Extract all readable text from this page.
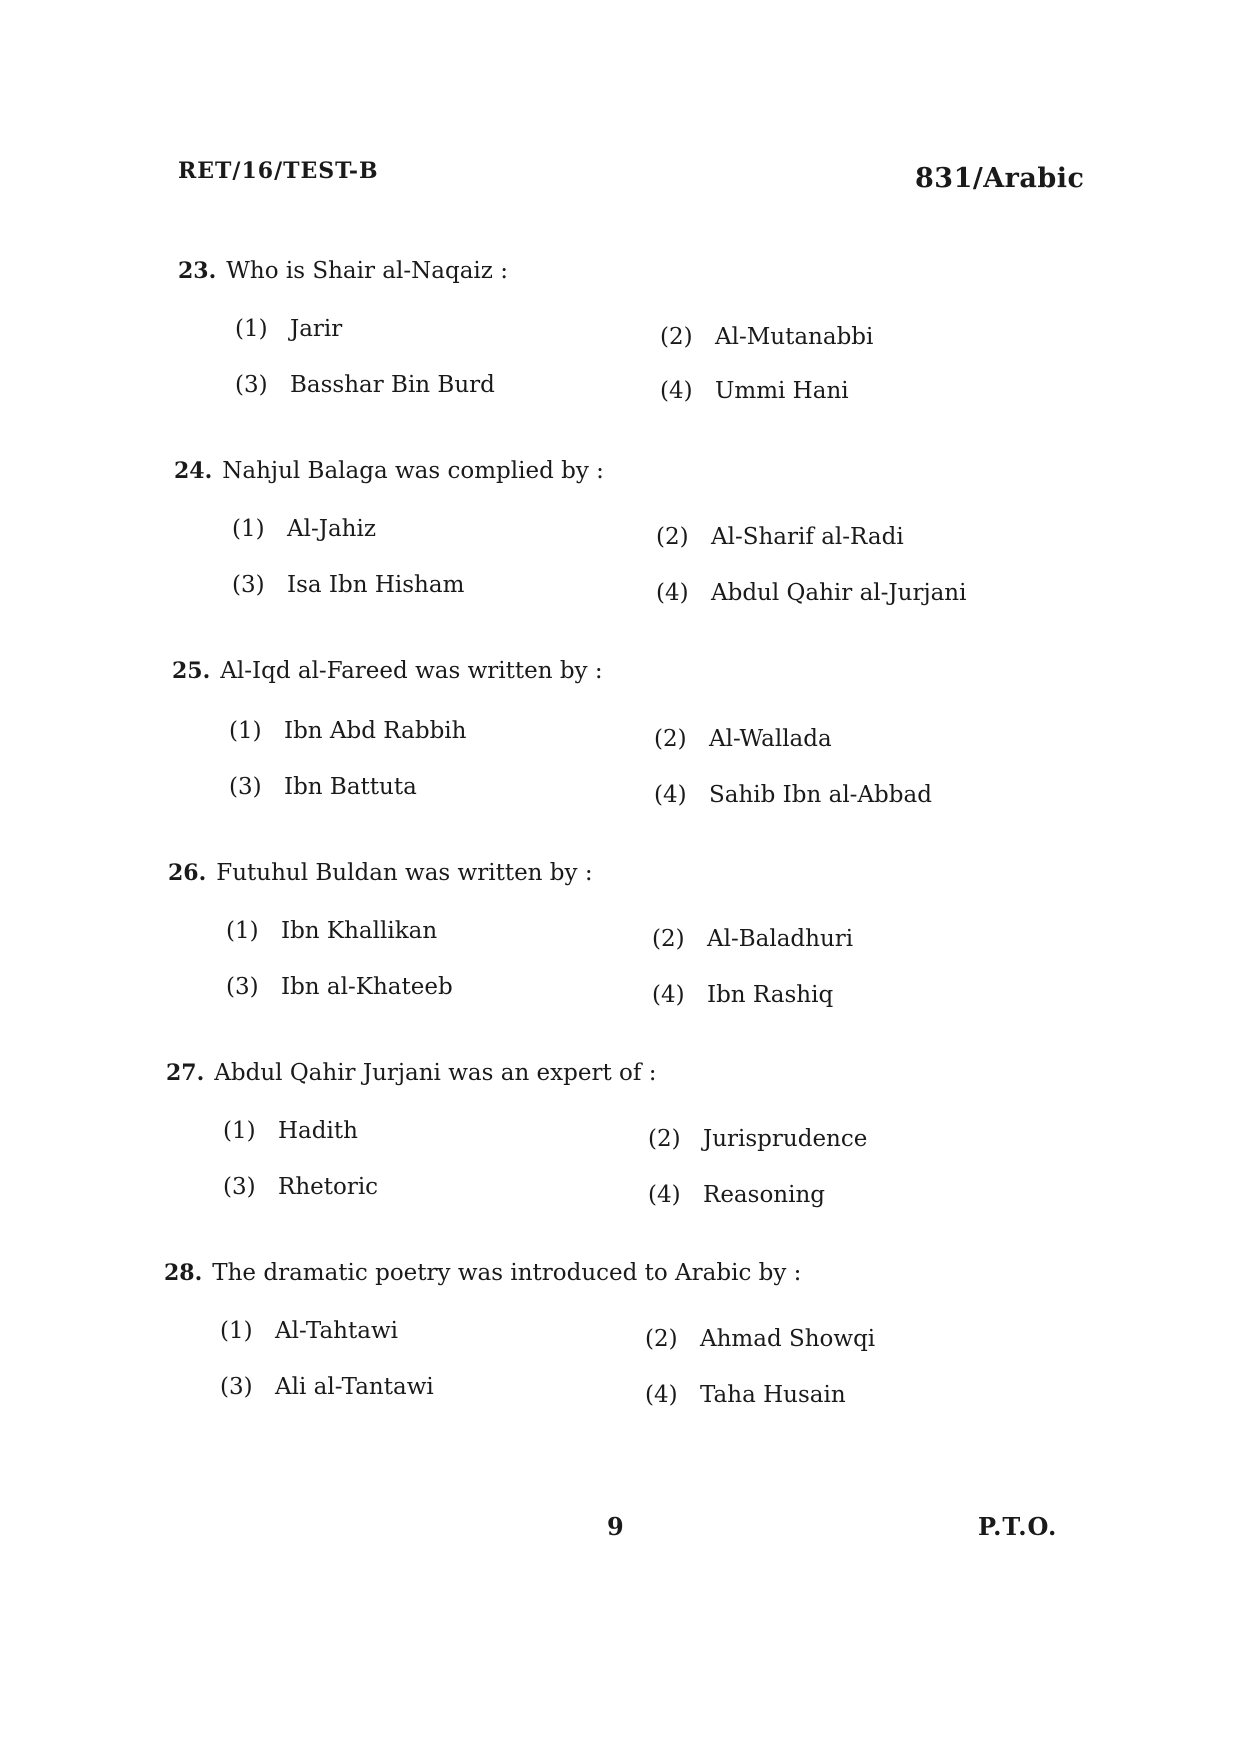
RET/16/TEST-B	831/Arabic
23. Who is Shair al-Naqaiz :
(1) Jarir	(2) Al-Mutanabbi
(3) Basshar Bin Burd	(4) Ummi Hani
24. Nahjul Balaga was complied by :
(1) Al-Jahiz	(2) Al-Sharif al-Radi
(3) Isa Ibn Hisham	(4) Abdul Qahir al-Jurjani
25. Al-Iqd al-Fareed was written by :
(1) Ibn Abd Rabbih	(2) Al-Wallada
(3) Ibn Battuta	(4) Sahib Ibn al-Abbad
26. Futuhul Buldan was written by :
(1) Ibn Khallikan	(2) Al-Baladhuri
(3) Ibn al-Khateeb	(4) Ibn Rashiq
27. Abdul Qahir Jurjani was an expert of :
(1) Hadith	(2) Jurisprudence
(3) Rhetoric	(4) Reasoning
28. The dramatic poetry was introduced to Arabic by :
(1) Al-Tahtawi	(2) Ahmad Showqi
(3) Ali al-Tantawi	(4) Taha Husain
9	P.T.O.
